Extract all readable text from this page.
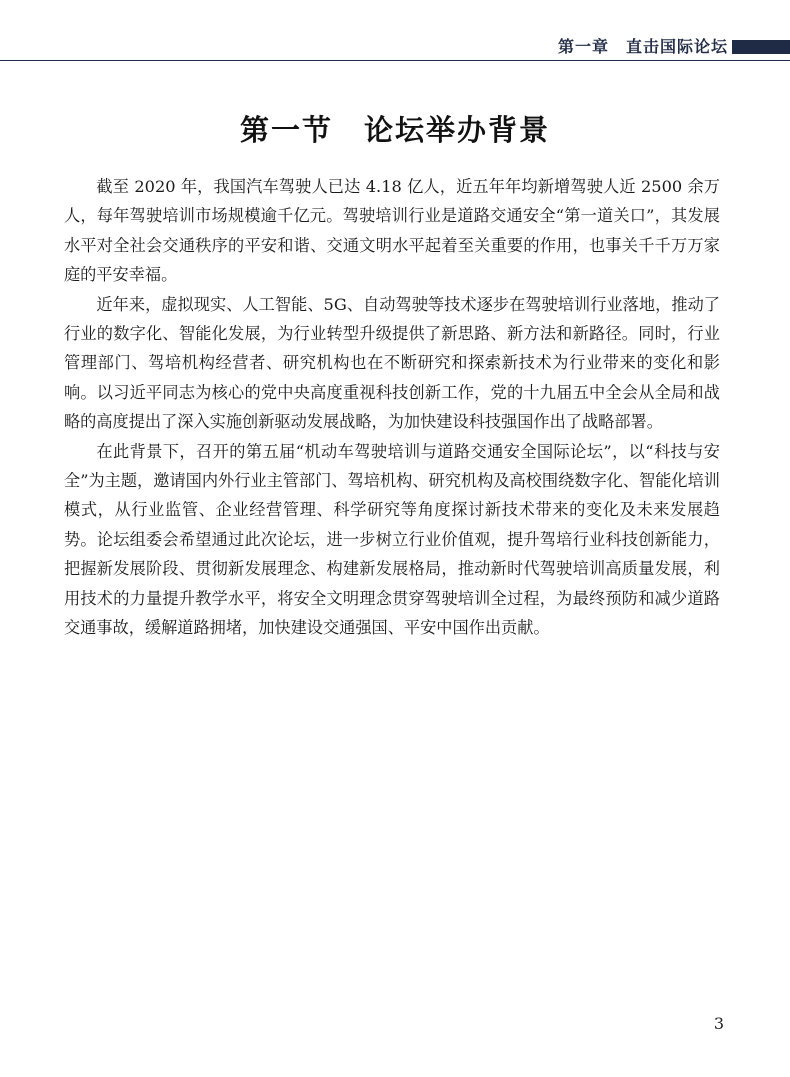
第一章　直击国际论坛
第一节　论坛举办背景

截至 2020 年，我国汽车驾驶人已达 4.18 亿人，近五年年均新增驾驶人近 2500 余万人，每年驾驶培训市场规模逾千亿元。驾驶培训行业是道路交通安全“第一道关口”，其发展水平对全社会交通秩序的平安和谐、交通文明水平起着至关重要的作用，也事关千千万万家庭的平安幸福。

近年来，虚拟现实、人工智能、5G、自动驾驶等技术逐步在驾驶培训行业落地，推动了行业的数字化、智能化发展，为行业转型升级提供了新思路、新方法和新路径。同时，行业管理部门、驾培机构经营者、研究机构也在不断研究和探索新技术为行业带来的变化和影响。以习近平同志为核心的党中央高度重视科技创新工作，党的十九届五中全会从全局和战略的高度提出了深入实施创新驱动发展战略，为加快建设科技强国作出了战略部署。

在此背景下，召开的第五届“机动车驾驶培训与道路交通安全国际论坛”，以“科技与安全”为主题，邀请国内外行业主管部门、驾培机构、研究机构及高校围绕数字化、智能化培训模式，从行业监管、企业经营管理、科学研究等角度探讨新技术带来的变化及未来发展趋势。论坛组委会希望通过此次论坛，进一步树立行业价值观，提升驾培行业科技创新能力，把握新发展阶段、贯彻新发展理念、构建新发展格局，推动新时代驾驶培训高质量发展，利用技术的力量提升教学水平，将安全文明理念贯穿驾驶培训全过程，为最终预防和减少道路交通事故，缓解道路拥堵，加快建设交通强国、平安中国作出贡献。

3
